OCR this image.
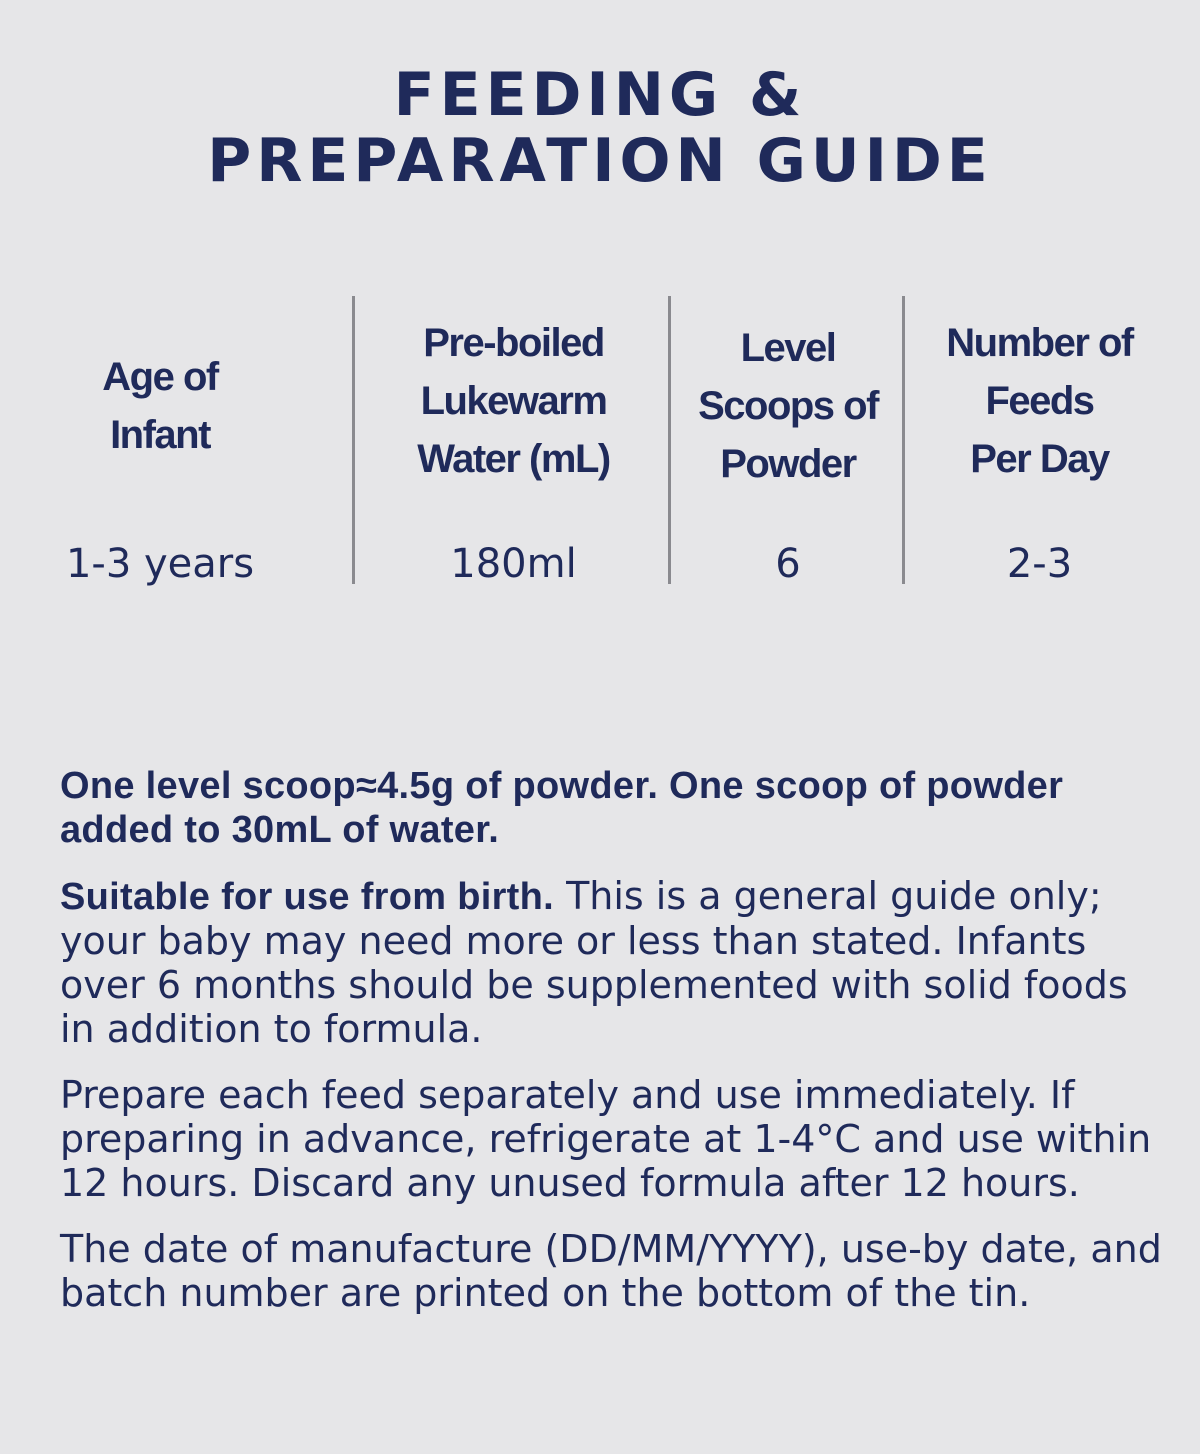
FEEDING &
PREPARATION GUIDE
Age of
Infant
1-3 years
Pre-boiled
Lukewarm
Water (mL)
180ml
Level
Scoops of
Powder
6
Number of
Feeds
Per Day
2-3

One level scoop≈4.5g of powder. One scoop of powder added to 30mL of water.

Suitable for use from birth. This is a general guide only; your baby may need more or less than stated. Infants over 6 months should be supplemented with solid foods in addition to formula.

Prepare each feed separately and use immediately. If preparing in advance, refrigerate at 1-4°C and use within 12 hours. Discard any unused formula after 12 hours.

The date of manufacture (DD/MM/YYYY), use-by date, and batch number are printed on the bottom of the tin.
